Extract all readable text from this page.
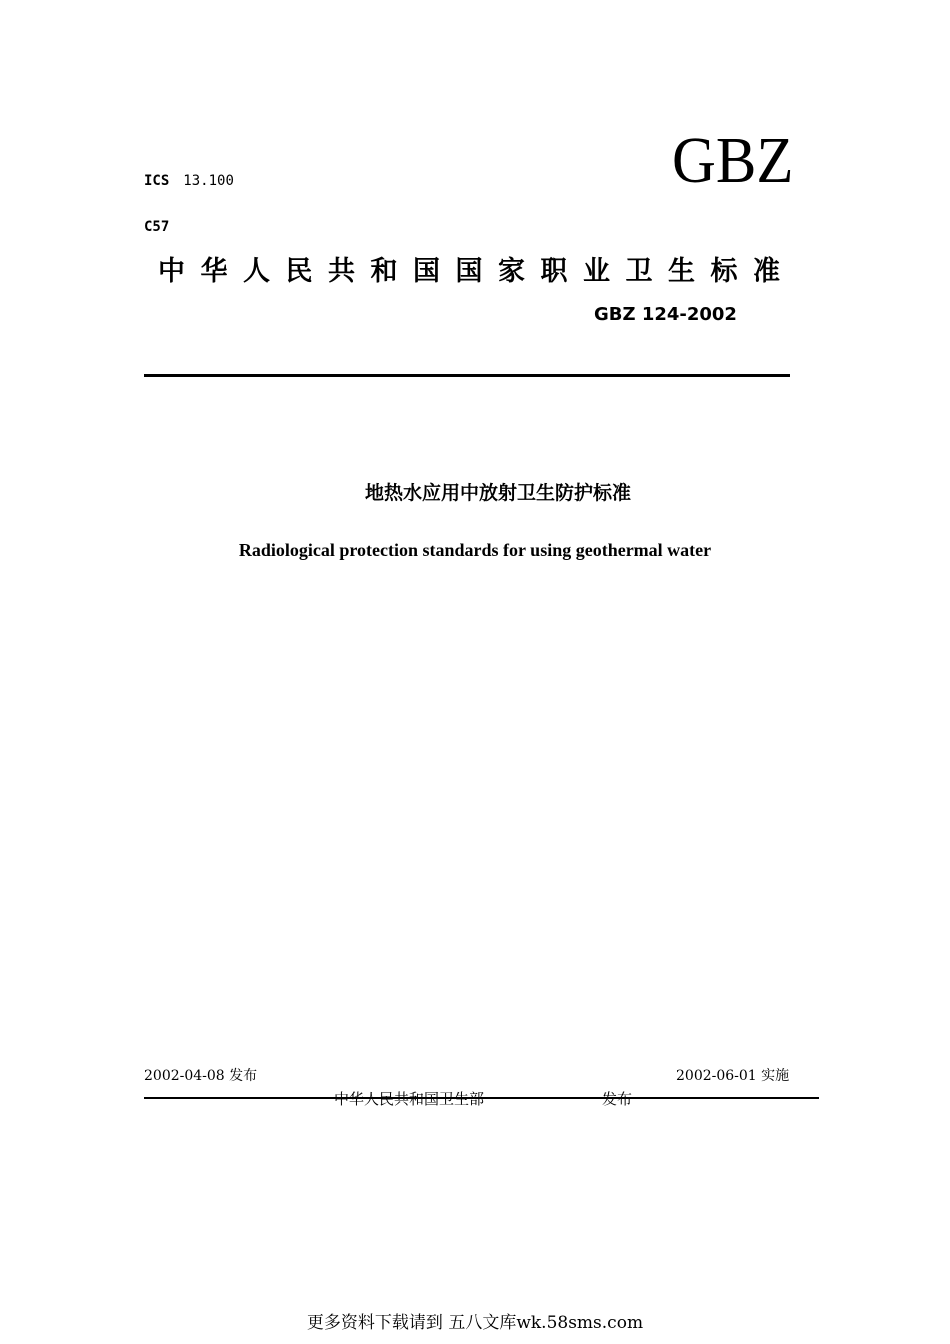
ICS 13.100
C57
GBZ
中华人民共和国国家职业卫生标准
GBZ 124-2002
地热水应用中放射卫生防护标准
Radiological protection standards for using geothermal water
2002-04-08 发布	2002-06-01 实施
中华人民共和国卫生部	发布
更多资料下载请到 五八文库wk.58sms.com
